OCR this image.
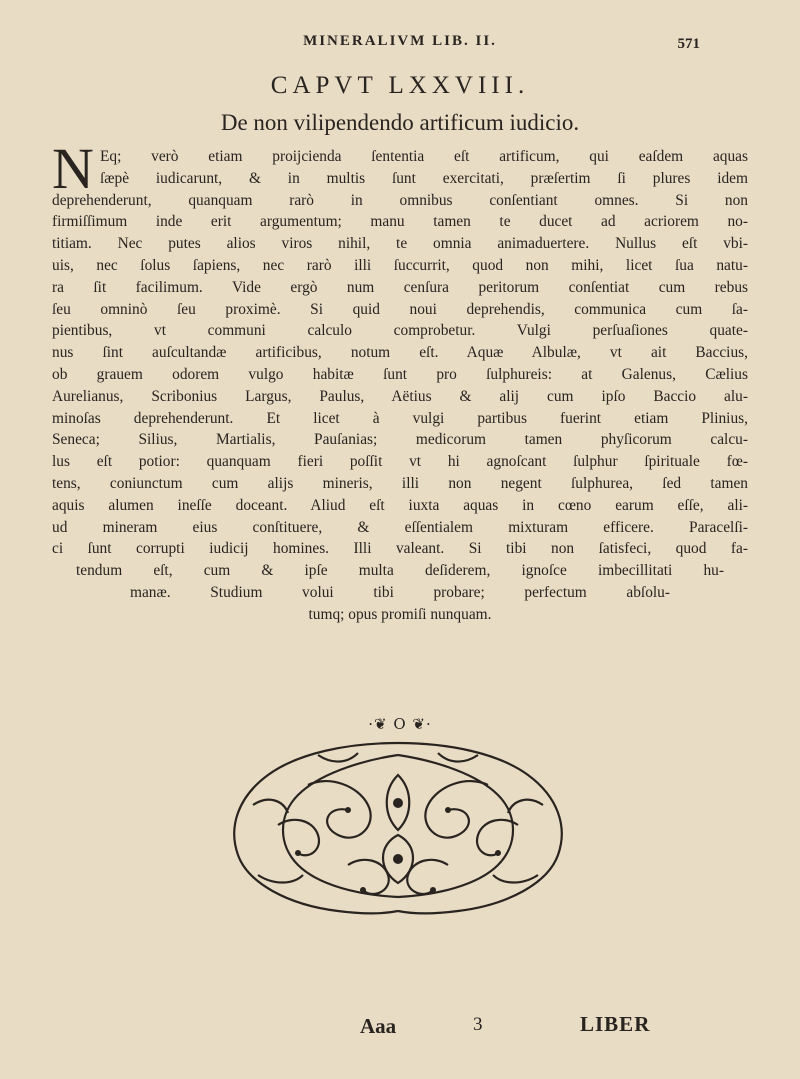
MINERALIVM LIB. II.	571
CAPVT LXXVIII.
De non vilipendendo artificum iudicio.
N Eq; verò etiam proijcienda ſententia eſt artificum, qui eaſdem aquas
ſæpè iudicarunt, & in multis ſunt exercitati, præſertim ſi plures idem
deprehenderunt, quanquam rarò in omnibus conſentiant omnes. Si non
firmiſſimum inde erit argumentum; manu tamen te ducet ad acriorem no-
titiam. Nec putes alios viros nihil, te omnia animaduertere. Nullus eſt vbi-
uis, nec ſolus ſapiens, nec rarò illi ſuccurrit, quod non mihi, licet ſua natu-
ra ſit facilimum. Vide ergò num cenſura peritorum conſentiat cum rebus
ſeu omninò ſeu proximè. Si quid noui deprehendis, communica cum ſa-
pientibus, vt communi calculo comprobetur. Vulgi perſuaſiones quate-
nus ſint auſcultandæ artificibus, notum eſt. Aquæ Albulæ, vt ait Baccius,
ob grauem odorem vulgo habitæ ſunt pro ſulphureis: at Galenus, Cælius
Aurelianus, Scribonius Largus, Paulus, Aëtius & alij cum ipſo Baccio alu-
minoſas deprehenderunt. Et licet à vulgi partibus fuerint etiam Plinius,
Seneca; Silius, Martialis, Pauſanias; medicorum tamen phyſicorum calcu-
lus eſt potior: quanquam fieri poſſit vt hi agnoſcant ſulphur ſpirituale fœ-
tens, coniunctum cum alijs mineris, illi non negent ſulphurea, ſed tamen
aquis alumen ineſſe doceant. Aliud eſt iuxta aquas in cœno earum eſſe, ali-
ud mineram eius conſtituere, & eſſentialem mixturam efficere. Paracelſi-
ci ſunt corrupti iudicij homines. Illi valeant. Si tibi non ſatisfeci, quod fa-
tendum eſt, cum & ipſe multa deſiderem, ignoſce imbecillitati hu-
manæ. Studium volui tibi probare; perfectum abſolu-
tumq; opus promiſi nunquam.
·❦ O ❦·
Aaa	3	LIBER
